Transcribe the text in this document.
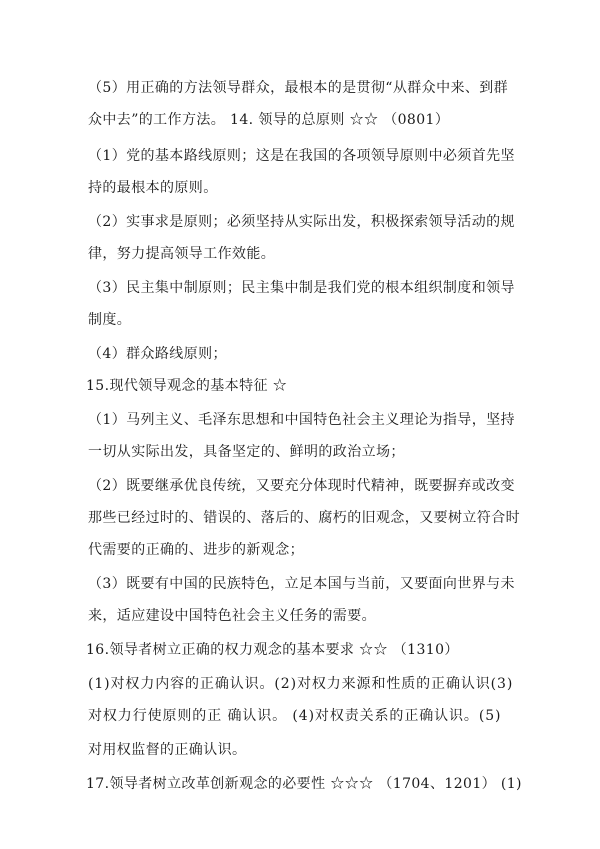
（5）用正确的方法领导群众，最根本的是贯彻“从群众中来、到群
众中去”的工作方法。 14. 领导的总原则 ☆☆ （0801）
（1）党的基本路线原则；这是在我国的各项领导原则中必须首先坚
持的最根本的原则。
（2）实事求是原则；必须坚持从实际出发，积极探索领导活动的规
律，努力提高领导工作效能。
（3）民主集中制原则；民主集中制是我们党的根本组织制度和领导
制度。
（4）群众路线原则；
15.现代领导观念的基本特征 ☆
（1）马列主义、毛泽东思想和中国特色社会主义理论为指导，坚持
一切从实际出发，具备坚定的、鲜明的政治立场；
（2）既要继承优良传统，又要充分体现时代精神，既要摒弃或改变
那些已经过时的、错误的、落后的、腐朽的旧观念，又要树立符合时
代需要的正确的、进步的新观念；
（3）既要有中国的民族特色，立足本国与当前，又要面向世界与未
来，适应建设中国特色社会主义任务的需要。
16.领导者树立正确的权力观念的基本要求 ☆☆ （1310）
(1)对权力内容的正确认识。(2)对权力来源和性质的正确认识(3)
对权力行使原则的正 确认识。 (4)对权责关系的正确认识。(5)
对用权监督的正确认识。
17.领导者树立改革创新观念的必要性 ☆☆☆ （1704、1201） (1)
